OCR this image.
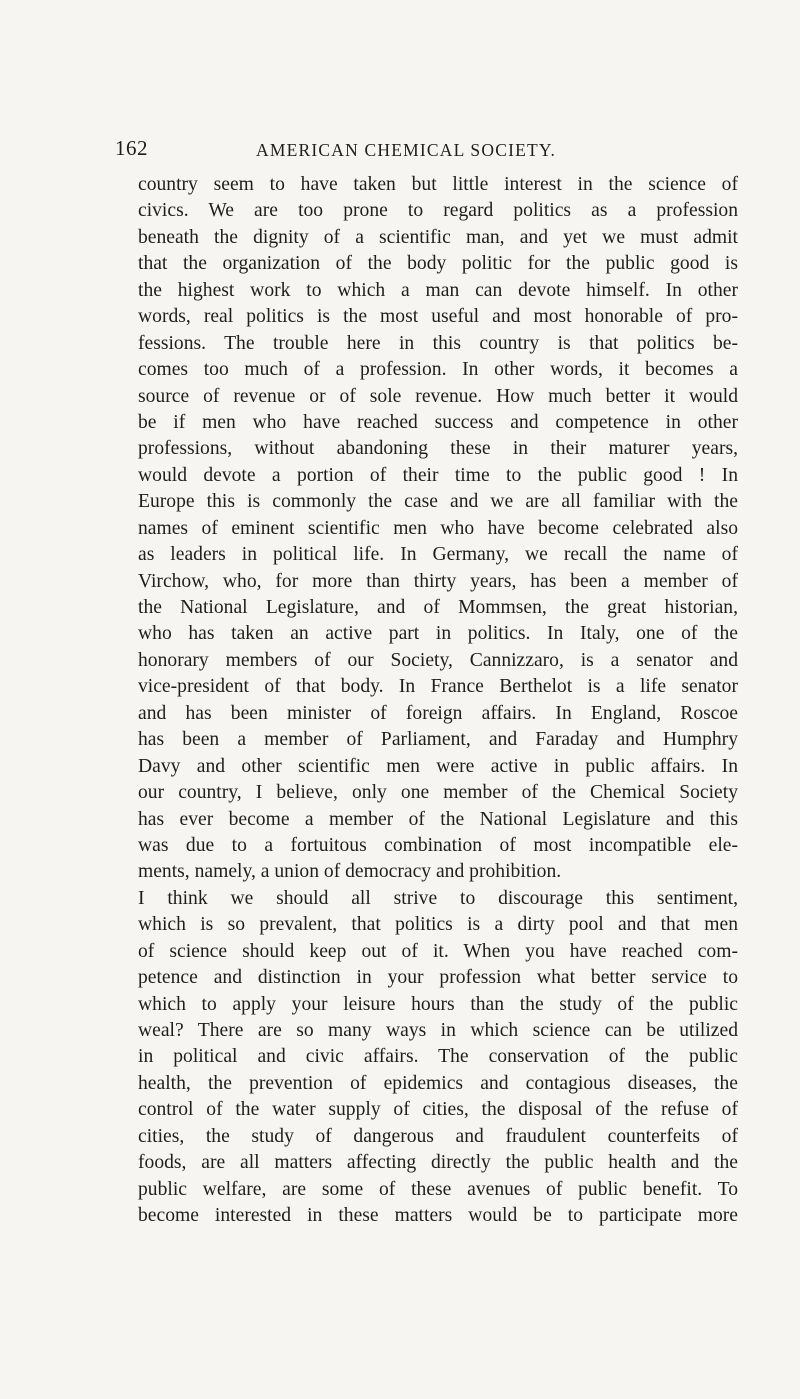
162	AMERICAN CHEMICAL SOCIETY.
country seem to have taken but little interest in the science of
civics. We are too prone to regard politics as a profession
beneath the dignity of a scientific man, and yet we must admit
that the organization of the body politic for the public good is
the highest work to which a man can devote himself. In other
words, real politics is the most useful and most honorable of pro-
fessions. The trouble here in this country is that politics be-
comes too much of a profession. In other words, it becomes a
source of revenue or of sole revenue. How much better it would
be if men who have reached success and competence in other
professions, without abandoning these in their maturer years,
would devote a portion of their time to the public good ! In
Europe this is commonly the case and we are all familiar with the
names of eminent scientific men who have become celebrated also
as leaders in political life. In Germany, we recall the name of
Virchow, who, for more than thirty years, has been a member of
the National Legislature, and of Mommsen, the great historian,
who has taken an active part in politics. In Italy, one of the
honorary members of our Society, Cannizzaro, is a senator and
vice-president of that body. In France Berthelot is a life senator
and has been minister of foreign affairs. In England, Roscoe
has been a member of Parliament, and Faraday and Humphry
Davy and other scientific men were active in public affairs. In
our country, I believe, only one member of the Chemical Society
has ever become a member of the National Legislature and this
was due to a fortuitous combination of most incompatible ele-
ments, namely, a union of democracy and prohibition.
I think we should all strive to discourage this sentiment,
which is so prevalent, that politics is a dirty pool and that men
of science should keep out of it. When you have reached com-
petence and distinction in your profession what better service to
which to apply your leisure hours than the study of the public
weal? There are so many ways in which science can be utilized
in political and civic affairs. The conservation of the public
health, the prevention of epidemics and contagious diseases, the
control of the water supply of cities, the disposal of the refuse of
cities, the study of dangerous and fraudulent counterfeits of
foods, are all matters affecting directly the public health and the
public welfare, are some of these avenues of public benefit. To
become interested in these matters would be to participate more
